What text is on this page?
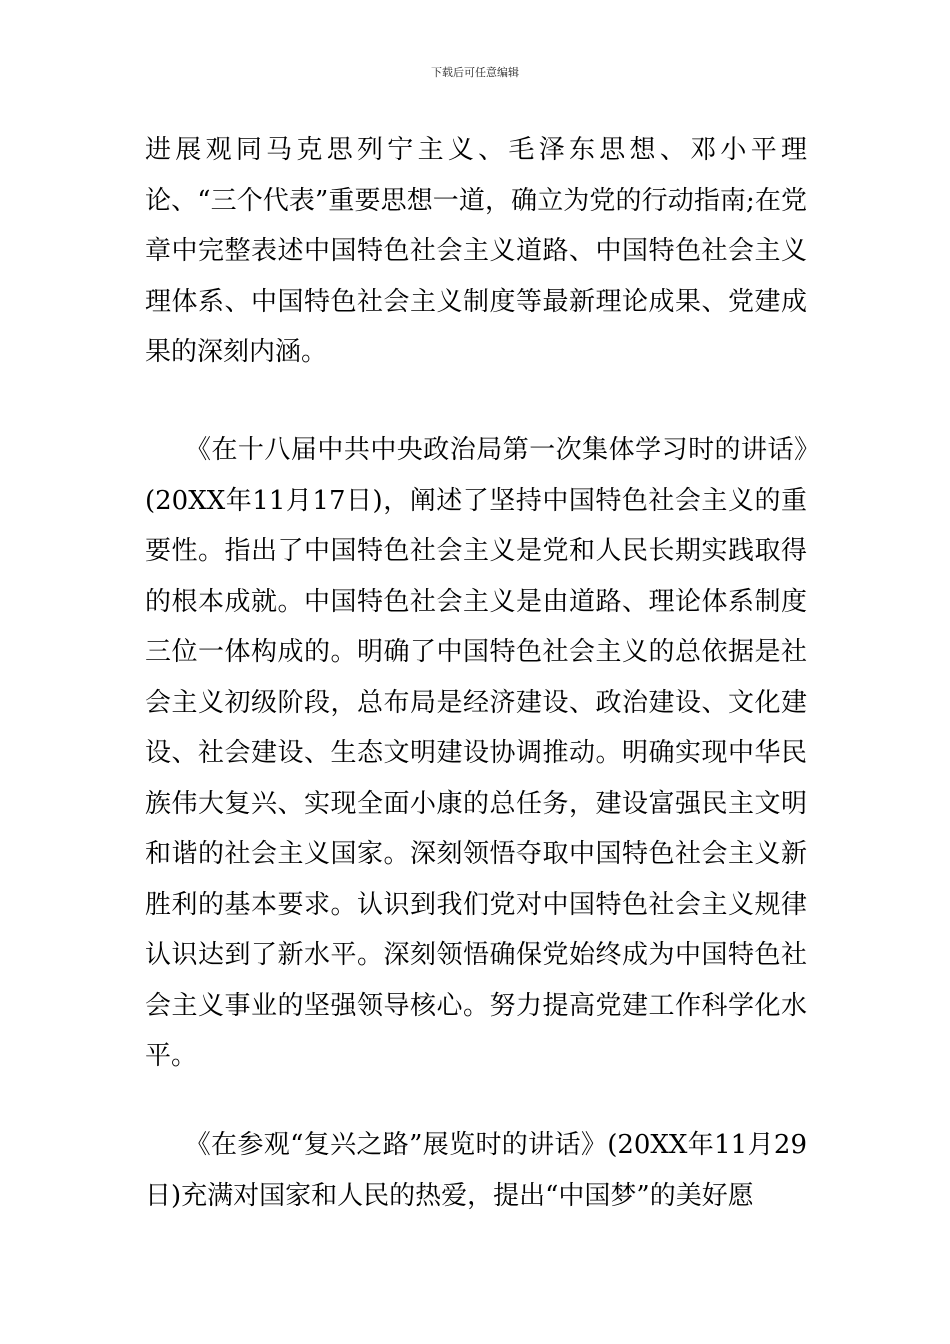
下载后可任意编辑

进展观同马克思列宁主义、毛泽东思想、邓小平理论、“三个代表”重要思想一道，确立为党的行动指南;在党章中完整表述中国特色社会主义道路、中国特色社会主义理体系、中国特色社会主义制度等最新理论成果、党建成果的深刻内涵。

　　《在十八届中共中央政治局第一次集体学习时的讲话》(20XX年11月17日)，阐述了坚持中国特色社会主义的重要性。指出了中国特色社会主义是党和人民长期实践取得的根本成就。中国特色社会主义是由道路、理论体系制度三位一体构成的。明确了中国特色社会主义的总依据是社会主义初级阶段，总布局是经济建设、政治建设、文化建设、社会建设、生态文明建设协调推动。明确实现中华民族伟大复兴、实现全面小康的总任务，建设富强民主文明和谐的社会主义国家。深刻领悟夺取中国特色社会主义新胜利的基本要求。认识到我们党对中国特色社会主义规律认识达到了新水平。深刻领悟确保党始终成为中国特色社会主义事业的坚强领导核心。努力提高党建工作科学化水平。

　　《在参观“复兴之路”展览时的讲话》(20XX年11月29日)充满对国家和人民的热爱，提出“中国梦”的美好愿
